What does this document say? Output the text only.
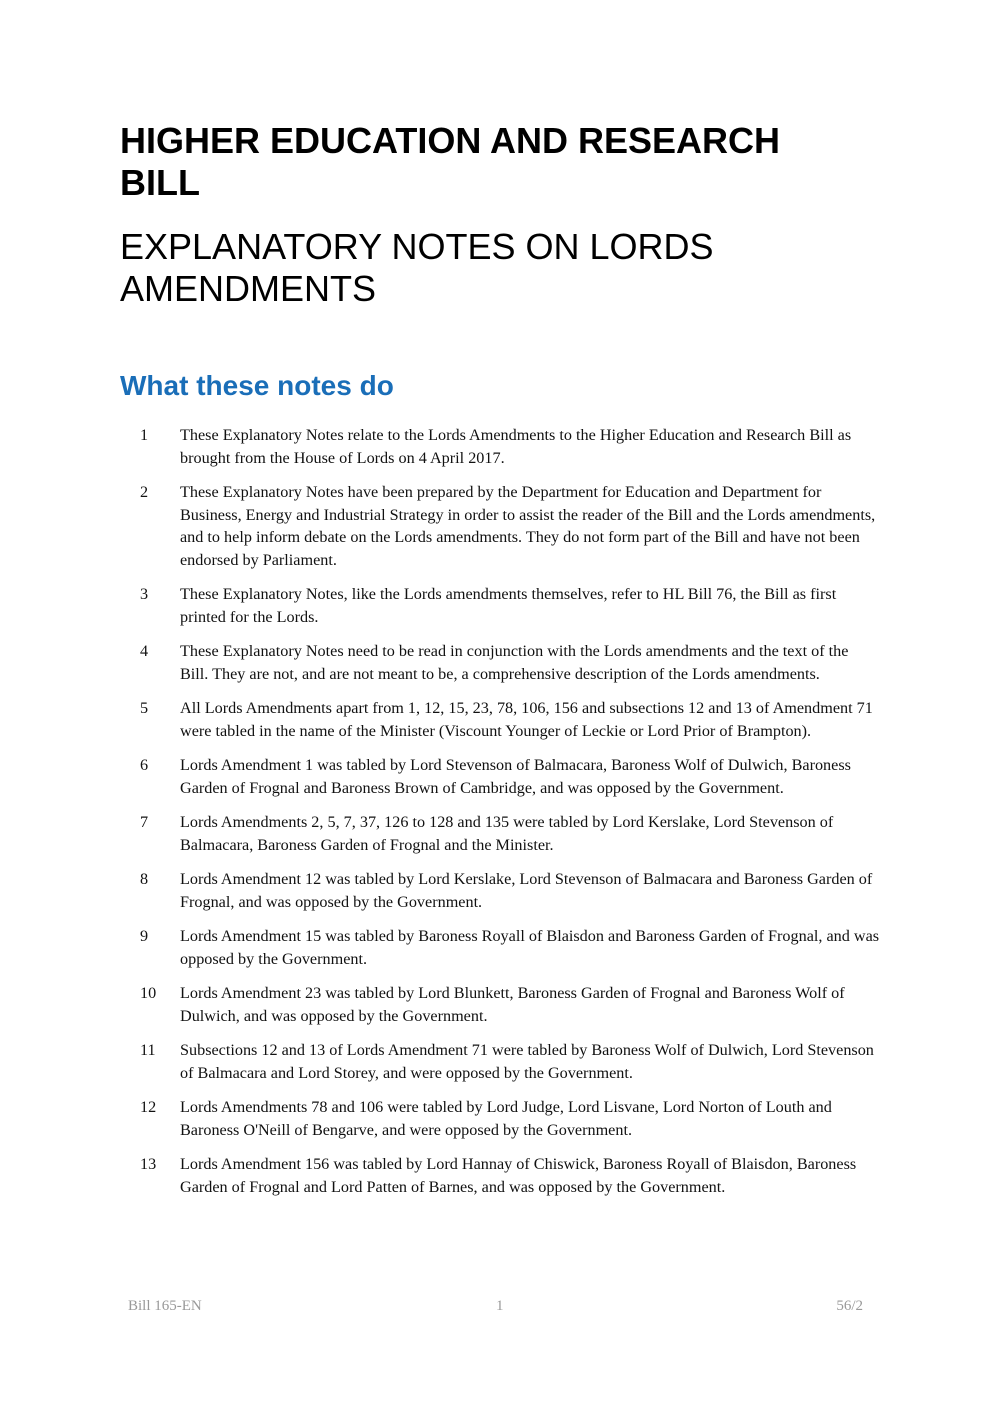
HIGHER EDUCATION AND RESEARCH BILL
EXPLANATORY NOTES ON LORDS AMENDMENTS
What these notes do
1	These Explanatory Notes relate to the Lords Amendments to the Higher Education and Research Bill as brought from the House of Lords on 4 April 2017.
2	These Explanatory Notes have been prepared by the Department for Education and Department for Business, Energy and Industrial Strategy in order to assist the reader of the Bill and the Lords amendments, and to help inform debate on the Lords amendments. They do not form part of the Bill and have not been endorsed by Parliament.
3	These Explanatory Notes, like the Lords amendments themselves, refer to HL Bill 76, the Bill as first printed for the Lords.
4	These Explanatory Notes need to be read in conjunction with the Lords amendments and the text of the Bill. They are not, and are not meant to be, a comprehensive description of the Lords amendments.
5	All Lords Amendments apart from 1, 12, 15, 23, 78, 106, 156 and subsections 12 and 13 of Amendment 71 were tabled in the name of the Minister (Viscount Younger of Leckie or Lord Prior of Brampton).
6	Lords Amendment 1 was tabled by Lord Stevenson of Balmacara, Baroness Wolf of Dulwich, Baroness Garden of Frognal and Baroness Brown of Cambridge, and was opposed by the Government.
7	Lords Amendments 2, 5, 7, 37, 126 to 128 and 135 were tabled by Lord Kerslake, Lord Stevenson of Balmacara, Baroness Garden of Frognal and the Minister.
8	Lords Amendment 12 was tabled by Lord Kerslake, Lord Stevenson of Balmacara and Baroness Garden of Frognal, and was opposed by the Government.
9	Lords Amendment 15 was tabled by Baroness Royall of Blaisdon and Baroness Garden of Frognal, and was opposed by the Government.
10	Lords Amendment 23 was tabled by Lord Blunkett, Baroness Garden of Frognal and Baroness Wolf of Dulwich, and was opposed by the Government.
11	Subsections 12 and 13 of Lords Amendment 71 were tabled by Baroness Wolf of Dulwich, Lord Stevenson of Balmacara and Lord Storey, and were opposed by the Government.
12	Lords Amendments 78 and 106 were tabled by Lord Judge, Lord Lisvane, Lord Norton of Louth and Baroness O'Neill of Bengarve, and were opposed by the Government.
13	Lords Amendment 156 was tabled by Lord Hannay of Chiswick, Baroness Royall of Blaisdon, Baroness Garden of Frognal and Lord Patten of Barnes, and was opposed by the Government.
Bill 165-EN	1	56/2
